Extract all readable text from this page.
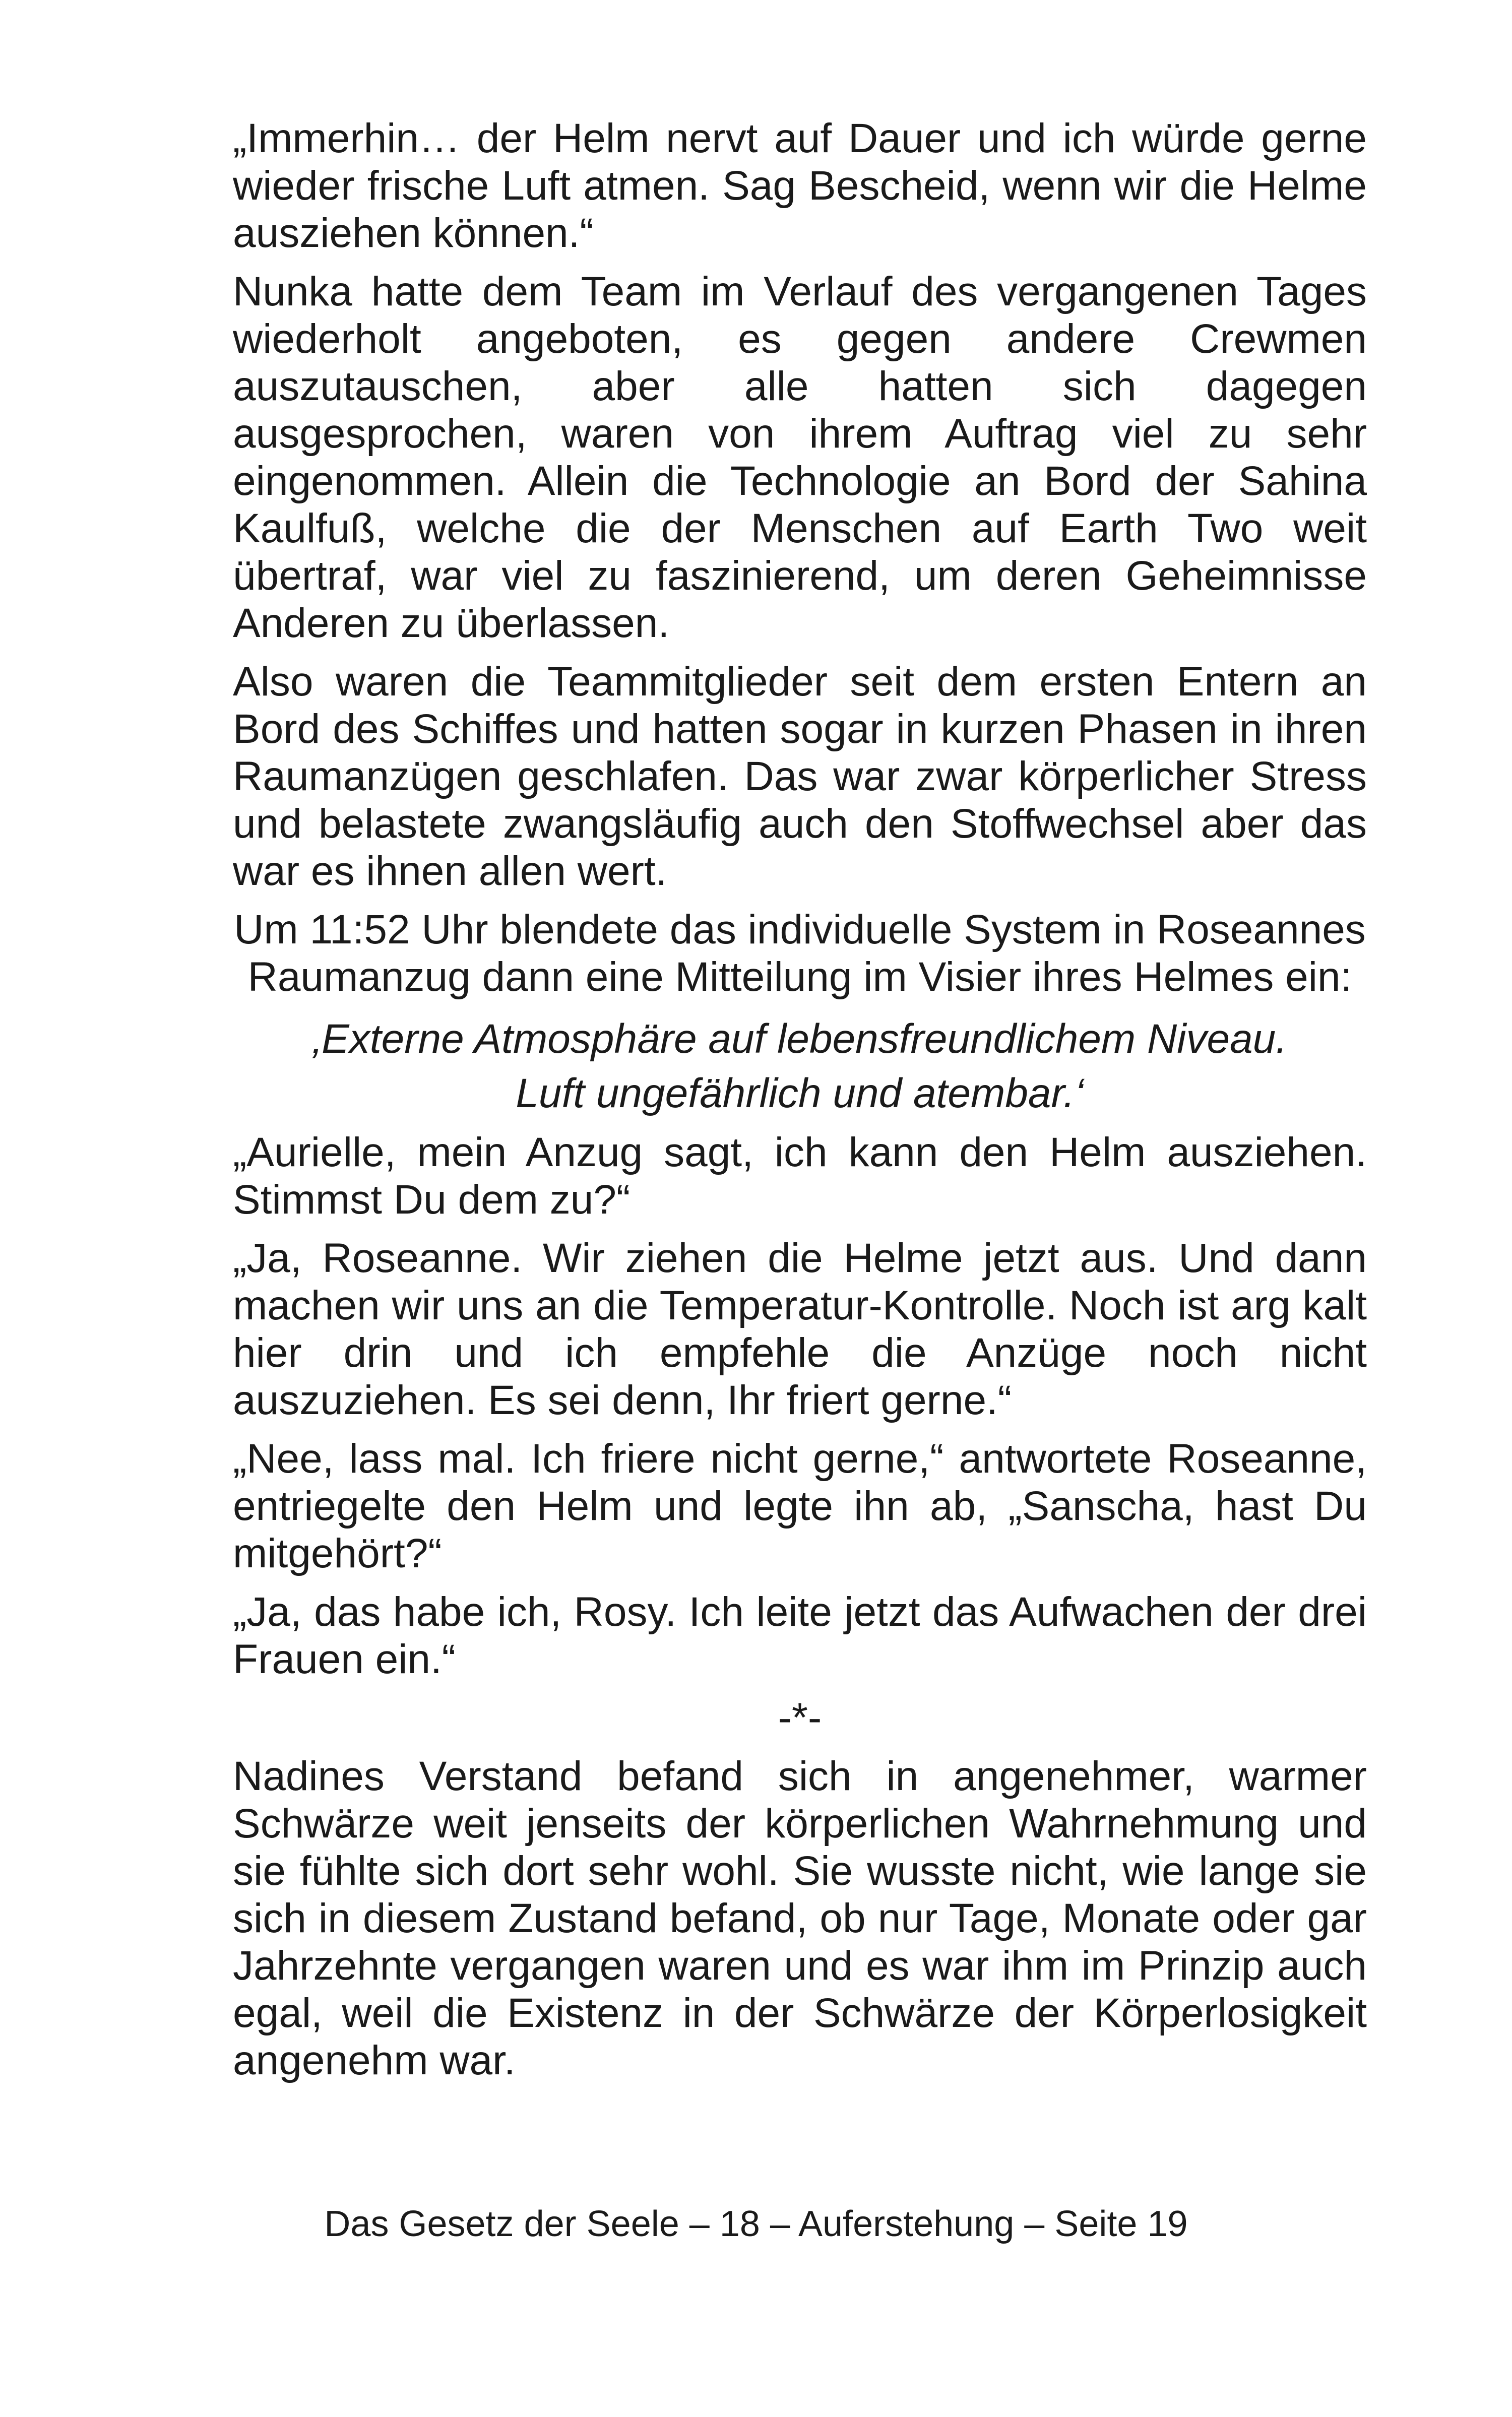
„Immerhin… der Helm nervt auf Dauer und ich würde gerne wieder frische Luft atmen. Sag Bescheid, wenn wir die Helme ausziehen können.“

Nunka hatte dem Team im Verlauf des vergangenen Tages wiederholt angeboten, es gegen andere Crewmen auszutauschen, aber alle hatten sich dagegen ausgesprochen, waren von ihrem Auftrag viel zu sehr eingenommen. Allein die Technologie an Bord der Sahina Kaulfuß, welche die der Menschen auf Earth Two weit übertraf, war viel zu faszinierend, um deren Geheimnisse Anderen zu überlassen.

Also waren die Teammitglieder seit dem ersten Entern an Bord des Schiffes und hatten sogar in kurzen Phasen in ihren Raumanzügen geschlafen. Das war zwar körperlicher Stress und belastete zwangsläufig auch den Stoffwechsel aber das war es ihnen allen wert.

Um 11:52 Uhr blendete das individuelle System in Roseannes Raumanzug dann eine Mitteilung im Visier ihres Helmes ein:

‚Externe Atmosphäre auf lebensfreundlichem Niveau.
Luft ungefährlich und atembar.‘

„Aurielle, mein Anzug sagt, ich kann den Helm ausziehen. Stimmst Du dem zu?“

„Ja, Roseanne. Wir ziehen die Helme jetzt aus. Und dann machen wir uns an die Temperatur-Kontrolle. Noch ist arg kalt hier drin und ich empfehle die Anzüge noch nicht auszuziehen. Es sei denn, Ihr friert gerne.“

„Nee, lass mal. Ich friere nicht gerne,“ antwortete Roseanne, entriegelte den Helm und legte ihn ab, „Sanscha, hast Du mitgehört?“

„Ja, das habe ich, Rosy. Ich leite jetzt das Aufwachen der drei Frauen ein.“

-*-

Nadines Verstand befand sich in angenehmer, warmer Schwärze weit jenseits der körperlichen Wahrnehmung und sie fühlte sich dort sehr wohl. Sie wusste nicht, wie lange sie sich in diesem Zustand befand, ob nur Tage, Monate oder gar Jahrzehnte vergangen waren und es war ihm im Prinzip auch egal, weil die Existenz in der Schwärze der Körperlosigkeit angenehm war.

Das Gesetz der Seele – 18 – Auferstehung – Seite 19
